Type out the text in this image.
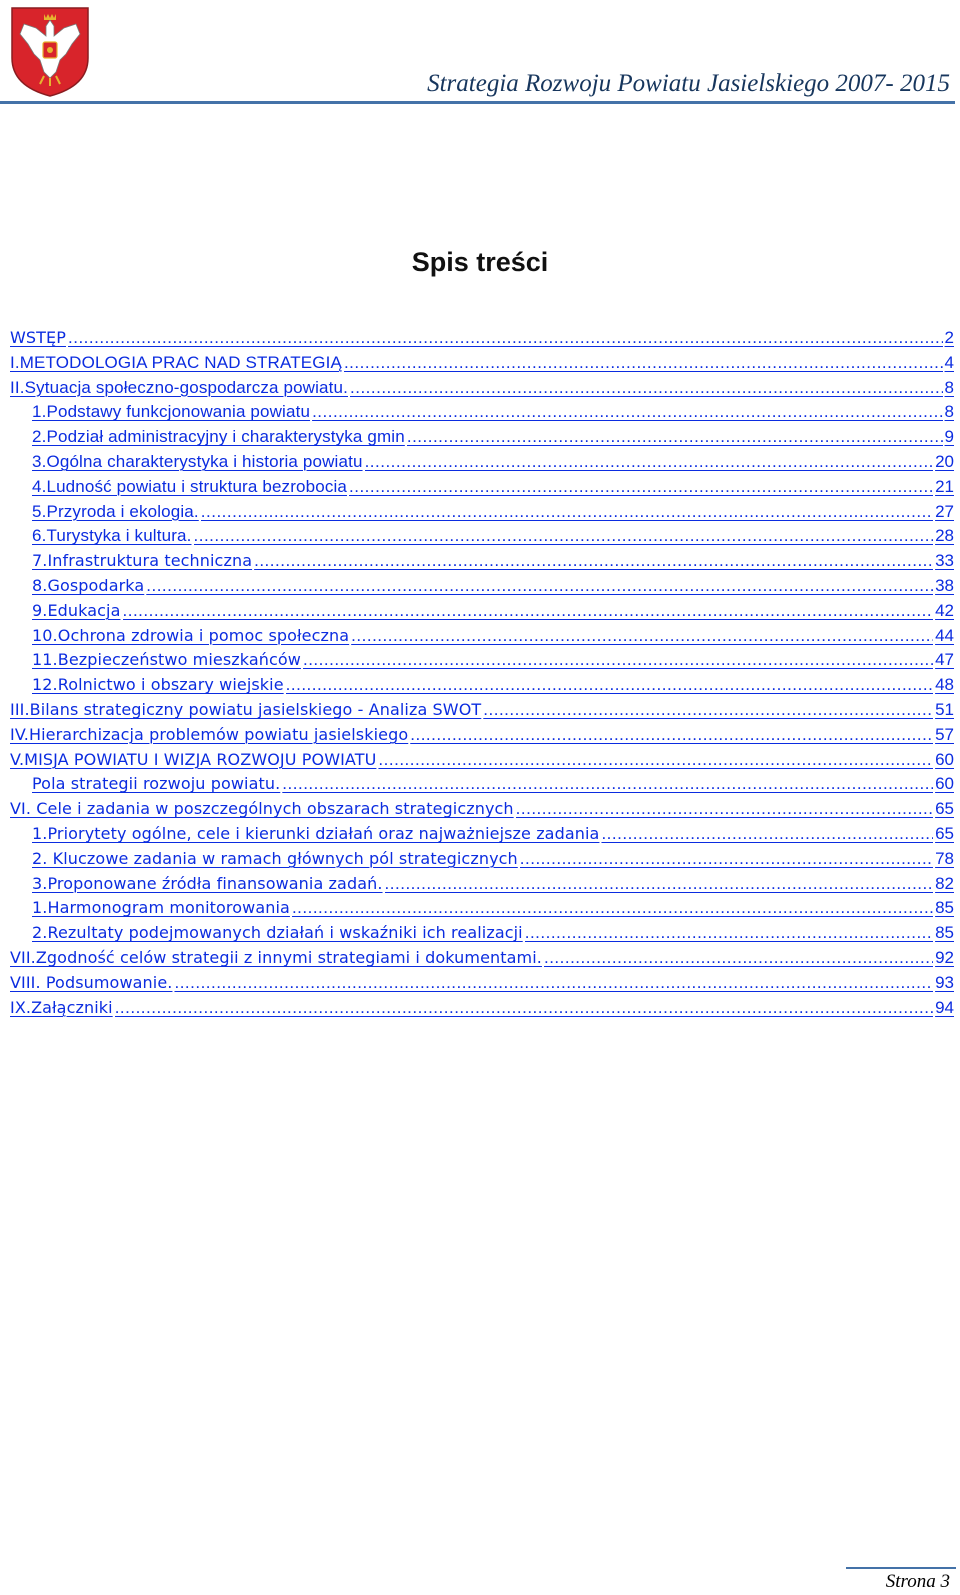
Strategia Rozwoju Powiatu Jasielskiego 2007- 2015
Spis treści
WSTĘP .....	2
I.METODOLOGIA PRAC NAD STRATEGIĄ .....	4
II.Sytuacja społeczno-gospodarcza powiatu. .....	8
1.Podstawy funkcjonowania powiatu .....	8
2.Podział administracyjny i charakterystyka gmin .....	9
3.Ogólna charakterystyka i historia powiatu .....	20
4.Ludność powiatu i struktura bezrobocia .....	21
5.Przyroda i ekologia. .....	27
6.Turystyka i kultura. .....	28
7.Infrastruktura techniczna .....	33
8.Gospodarka .....	38
9.Edukacja .....	42
10.Ochrona zdrowia i pomoc społeczna .....	44
11.Bezpieczeństwo mieszkańców .....	47
12.Rolnictwo i obszary wiejskie .....	48
III.Bilans strategiczny powiatu jasielskiego - Analiza SWOT .....	51
IV.Hierarchizacja problemów powiatu jasielskiego .....	57
V.MISJA POWIATU I WIZJA ROZWOJU POWIATU .....	60
Pola strategii rozwoju powiatu. .....	60
VI. Cele i zadania w poszczególnych obszarach strategicznych .....	65
1.Priorytety ogólne, cele i kierunki działań oraz najważniejsze zadania .....	65
2. Kluczowe zadania w ramach głównych pól strategicznych .....	78
3.Proponowane źródła finansowania zadań. .....	82
1.Harmonogram monitorowania .....	85
2.Rezultaty podejmowanych działań i wskaźniki ich realizacji .....	85
VII.Zgodność celów strategii z innymi strategiami i dokumentami. .....	92
VIII. Podsumowanie. .....	93
IX.Załączniki .....	94
Strona 3
